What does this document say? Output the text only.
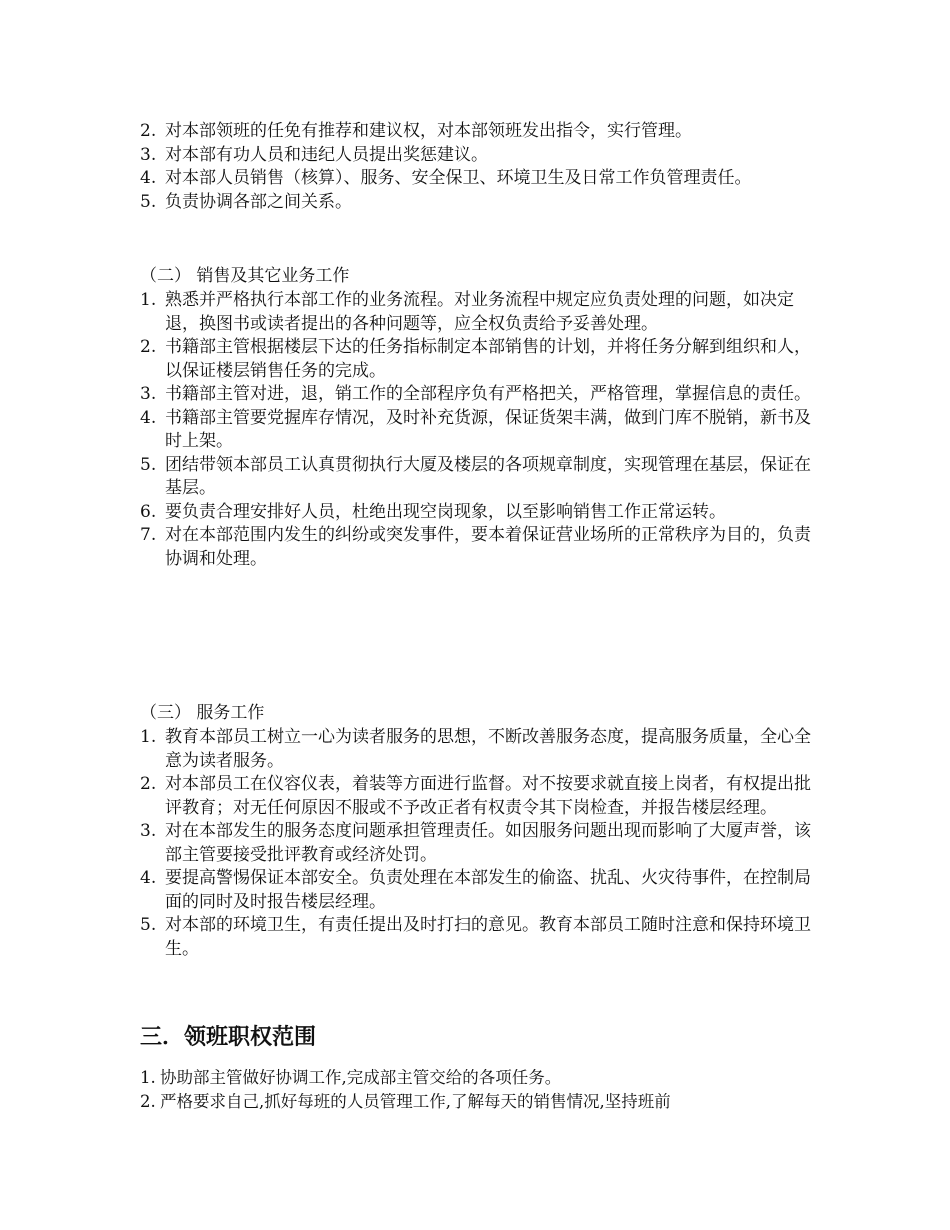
2. 对本部领班的任免有推荐和建议权，对本部领班发出指令，实行管理。
3. 对本部有功人员和违纪人员提出奖惩建议。
4. 对本部人员销售（核算）、服务、安全保卫、环境卫生及日常工作负管理责任。
5. 负责协调各部之间关系。
（二） 销售及其它业务工作
1. 熟悉并严格执行本部工作的业务流程。对业务流程中规定应负责处理的问题，如决定退，换图书或读者提出的各种问题等，应全权负责给予妥善处理。
2. 书籍部主管根据楼层下达的任务指标制定本部销售的计划，并将任务分解到组织和人，以保证楼层销售任务的完成。
3. 书籍部主管对进，退，销工作的全部程序负有严格把关，严格管理，掌握信息的责任。
4. 书籍部主管要党握库存情况，及时补充货源，保证货架丰满，做到门库不脱销，新书及时上架。
5. 团结带领本部员工认真贯彻执行大厦及楼层的各项规章制度，实现管理在基层，保证在基层。
6. 要负责合理安排好人员，杜绝出现空岗现象，以至影响销售工作正常运转。
7. 对在本部范围内发生的纠纷或突发事件，要本着保证营业场所的正常秩序为目的，负责协调和处理。
（三） 服务工作
1. 教育本部员工树立一心为读者服务的思想，不断改善服务态度，提高服务质量，全心全意为读者服务。
2. 对本部员工在仪容仪表，着装等方面进行监督。对不按要求就直接上岗者，有权提出批评教育；对无任何原因不服或不予改正者有权责令其下岗检查，并报告楼层经理。
3. 对在本部发生的服务态度问题承担管理责任。如因服务问题出现而影响了大厦声誉，该部主管要接受批评教育或经济处罚。
4. 要提高警惕保证本部安全。负责处理在本部发生的偷盗、扰乱、火灾待事件，在控制局面的同时及时报告楼层经理。
5. 对本部的环境卫生，有责任提出及时打扫的意见。教育本部员工随时注意和保持环境卫生。
三．领班职权范围
1. 协助部主管做好协调工作,完成部主管交给的各项任务。
2. 严格要求自己,抓好每班的人员管理工作,了解每天的销售情况,坚持班前
